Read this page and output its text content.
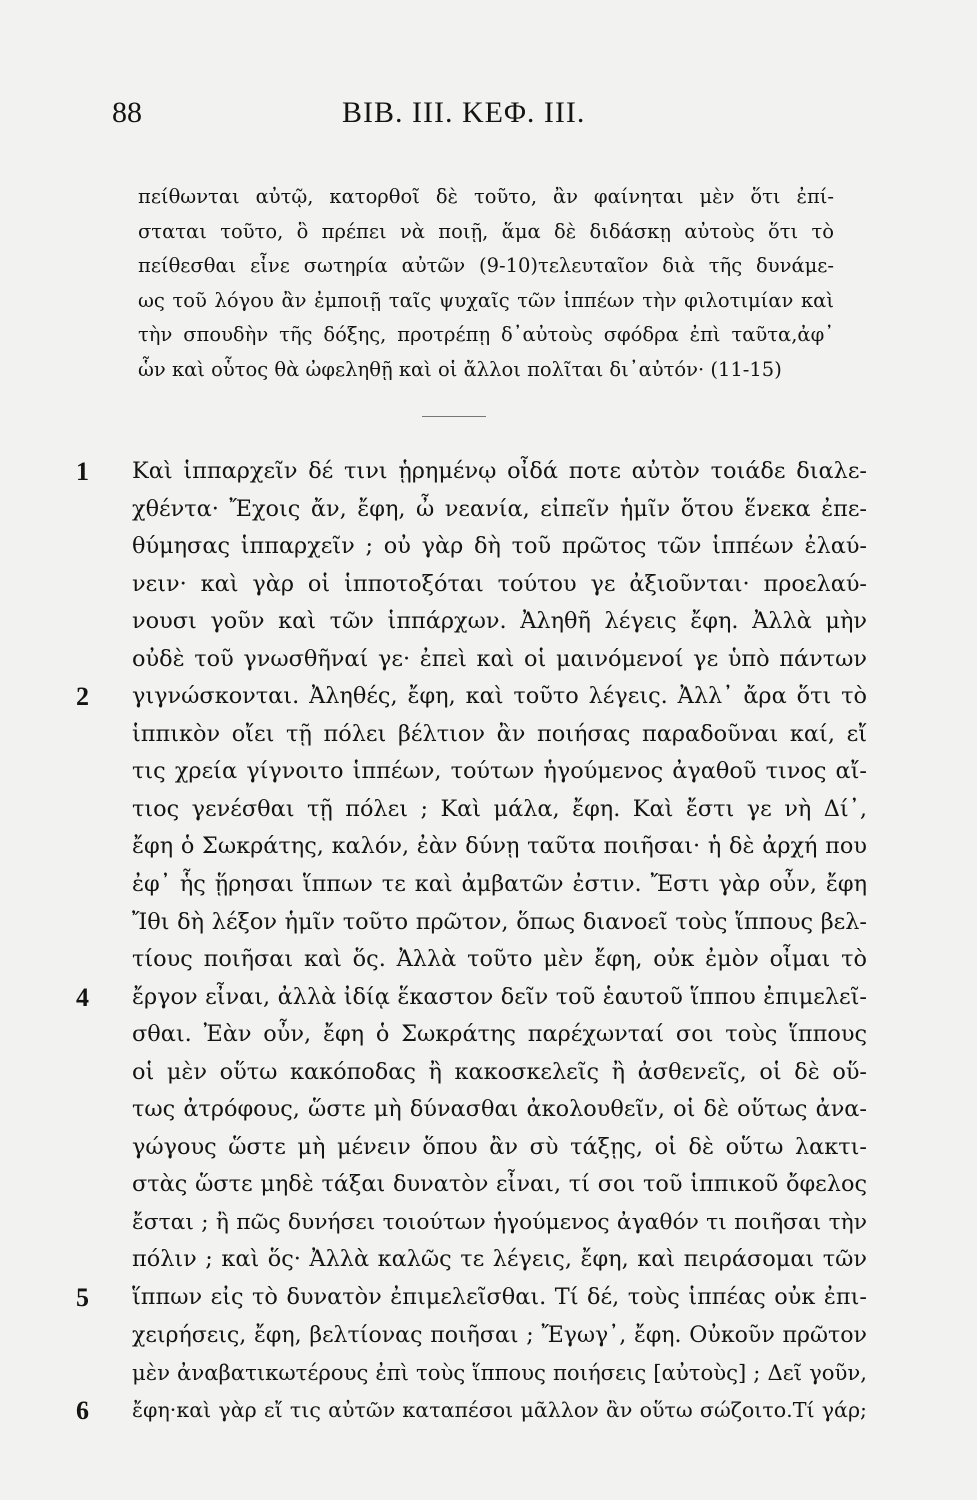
88	ΒΙΒ. ΙΙΙ. ΚΕΦ. ΙΙΙ.
πείθωνται αὐτῷ, κατορθοῖ δὲ τοῦτο, ἂν φαίνηται μὲν ὅτι ἐπί-
σταται τοῦτο, ὃ πρέπει νὰ ποιῇ, ἅμα δὲ διδάσκῃ αὐτοὺς ὅτι τὸ
πείθεσθαι εἶνε σωτηρία αὐτῶν (9-10)τελευταῖον διὰ τῆς δυνάμε-
ως τοῦ λόγου ἂν ἐμποιῇ ταῖς ψυχαῖς τῶν ἱππέων τὴν φιλοτιμίαν καὶ
τὴν σπουδὴν τῆς δόξης, προτρέπῃ δ᾽αὐτοὺς σφόδρα ἐπὶ ταῦτα,ἀφ᾽
ὧν καὶ οὗτος θὰ ὠφεληθῇ καὶ οἱ ἄλλοι πολῖται δι᾽αὐτόν· (11-15)
1 Καὶ ἱππαρχεῖν δέ τινι ᾑρημένῳ οἶδά ποτε αὐτὸν τοιάδε διαλε-
χθέντα· Ἔχοις ἄν, ἔφη, ὦ νεανία, εἰπεῖν ἡμῖν ὅτου ἕνεκα ἐπε-
θύμησας ἱππαρχεῖν ; οὐ γὰρ δὴ τοῦ πρῶτος τῶν ἱππέων ἐλαύ-
νειν· καὶ γὰρ οἱ ἱπποτοξόται τούτου γε ἀξιοῦνται· προελαύ-
νουσι γοῦν καὶ τῶν ἱππάρχων. Ἀληθῆ λέγεις ἔφη. Ἀλλὰ μὴν
οὐδὲ τοῦ γνωσθῆναί γε· ἐπεὶ καὶ οἱ μαινόμενοί γε ὑπὸ πάντων
2 γιγνώσκονται. Ἀληθές, ἔφη, καὶ τοῦτο λέγεις. Ἀλλ᾽ ἄρα ὅτι τὸ
ἱππικὸν οἴει τῇ πόλει βέλτιον ἂν ποιήσας παραδοῦναι καί, εἴ
τις χρεία γίγνοιτο ἱππέων, τούτων ἡγούμενος ἀγαθοῦ τινος αἴ-
τιος γενέσθαι τῇ πόλει ; Καὶ μάλα, ἔφη. Καὶ ἔστι γε νὴ Δί᾽,
ἔφη ὁ Σωκράτης, καλόν, ἐὰν δύνῃ ταῦτα ποιῆσαι· ἡ δὲ ἀρχή που
ἐφ᾽ ἧς ᾕρησαι ἵππων τε καὶ ἀμβατῶν ἐστιν. Ἔστι γὰρ οὖν, ἔφη
Ἴθι δὴ λέξον ἡμῖν τοῦτο πρῶτον, ὅπως διανοεῖ τοὺς ἵππους βελ-
τίους ποιῆσαι καὶ ὅς. Ἀλλὰ τοῦτο μὲν ἔφη, οὐκ ἐμὸν οἶμαι τὸ
4 ἔργον εἶναι, ἀλλὰ ἰδίᾳ ἕκαστον δεῖν τοῦ ἑαυτοῦ ἵππου ἐπιμελεῖ-
σθαι. Ἐὰν οὖν, ἔφη ὁ Σωκράτης παρέχωνταί σοι τοὺς ἵππους
οἱ μὲν οὕτω κακόποδας ἢ κακοσκελεῖς ἢ ἀσθενεῖς, οἱ δὲ οὕ-
τως ἀτρόφους, ὥστε μὴ δύνασθαι ἀκολουθεῖν, οἱ δὲ οὕτως ἀνα-
γώγους ὥστε μὴ μένειν ὅπου ἂν σὺ τάξῃς, οἱ δὲ οὕτω λακτι-
στὰς ὥστε μηδὲ τάξαι δυνατὸν εἶναι, τί σοι τοῦ ἱππικοῦ ὄφελος
ἔσται ; ἢ πῶς δυνήσει τοιούτων ἡγούμενος ἀγαθόν τι ποιῆσαι τὴν
πόλιν ; καὶ ὅς· Ἀλλὰ καλῶς τε λέγεις, ἔφη, καὶ πειράσομαι τῶν
5 ἵππων εἰς τὸ δυνατὸν ἐπιμελεῖσθαι. Τί δέ, τοὺς ἱππέας οὐκ ἐπι-
χειρήσεις, ἔφη, βελτίονας ποιῆσαι ; Ἔγωγ᾽, ἔφη. Οὐκοῦν πρῶτον
μὲν ἀναβατικωτέρους ἐπὶ τοὺς ἵππους ποιήσεις [αὐτοὺς] ; Δεῖ γοῦν,
6 ἔφη·καὶ γὰρ εἴ τις αὐτῶν καταπέσοι μᾶλλον ἂν οὕτω σώζοιτο.Τί γάρ;
